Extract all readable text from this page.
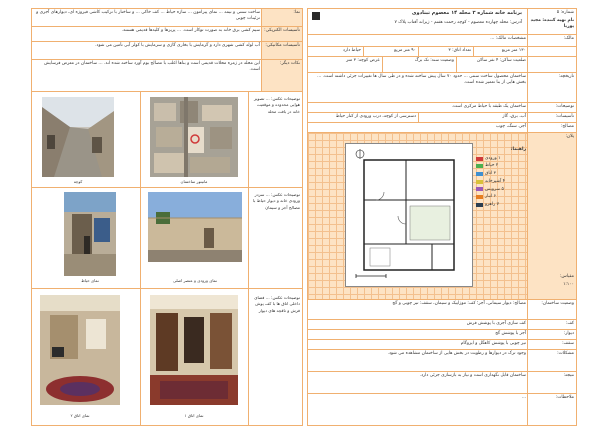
ساخت سنتی و نیمه ... نمای پیرامون ... سازه حیاط ... کف خاکی ... و ساختار با ترکیب کاشی فیروزه ای، دیوارهای آجری و تزئینات چوبی
نما:
سیم کشی برق خانه به صورت توکار است. ... پریزها و کلیدها قدیمی هستند. تأسیسات الکتریکی:
آب لوله کشی شهری دارد و گرمایش با بخاری گازی و سرمایش با کولر آبی تأمین می شود.	تأسیسات مکانیکی:
این محله در زمره محلات قدیمی است و بناها اغلب با مصالح بوم آورد ساخته شده اند. ... ساختمان در معرض فرسایش است.
نکات دیگر:
کوچه	مانیتور ساختمان
توضیحات عکس: ... تصویر هوایی محدوده و موقعیت خانه در بافت محله
نمای حیاط	نمای ورودی و عنصر اصلی
توضیحات عکس: ... سردر ورودی خانه و دیوار حیاط با مصالح آجر و سیمان
نمای اتاق ۲	نمای اتاق ۱
توضیحات عکس: ... فضای داخلی اتاق ها با کف پوش فرش و تاقچه های دیوار
برنامه خانه شماره ۳ محله ۱۴ معصوم تبنادوی
آدرس: محله چهارده معصوم - کوچه رحمت هفتم - زیرانه آفتاب پلاک ۷
شماره: ۵
نام تهیه کننده: مجید پوریا
مشخصات مالک: ...	مالک:
حیاط دارد	۹۰ متر مربع	تعداد اتاق: ۳	۱۳۰ متر مربع
عرض کوچه: ۳ متر	وضعیت سند: تک برگ	ضلعیت ساکن: ۴ نفر ساکن
ساختمان محصول ساخت سنتی ... حدود ۷۰ سال پیش ساخته شده و در طی سال ها تغییرات جزئی داشته است. ... بخش هایی از بنا تعمیر شده است.
تاریخچه:
ساختمان یک طبقه با حیاط مرکزی است.	توضیحات:
دسترسی از کوچه، درب ورودی از کنار حیاط	آب، برق، گاز	تأسیسات:
آجر، سنگ، چوب	مصالح:
پلان:
مقیاس:
۱:۱۰۰
راهنما:
۱ ورودی
۲ حیاط
۳ اتاق
۴ آشپزخانه
۵ سرویس
۶ انبار
۷ راهرو
مصالح: دیوار سیمانی، آجر؛ کف: موزاییک و سیمان، سقف: تیر چوبی و گچ	وضعیت ساختمان:
کف سازی آجری با پوشش فرش	کف:
آجر با پوشش گچ	دیوار:
تیر چوبی با پوشش کاهگل و ایزوگام	سقف:
وجود ترک در دیوارها و رطوبت در بخش هایی از ساختمان مشاهده می شود.	مشکلات:
ساختمان قابل نگهداری است و نیاز به بازسازی جزئی دارد.	نتیجه:
...	ملاحظات:
